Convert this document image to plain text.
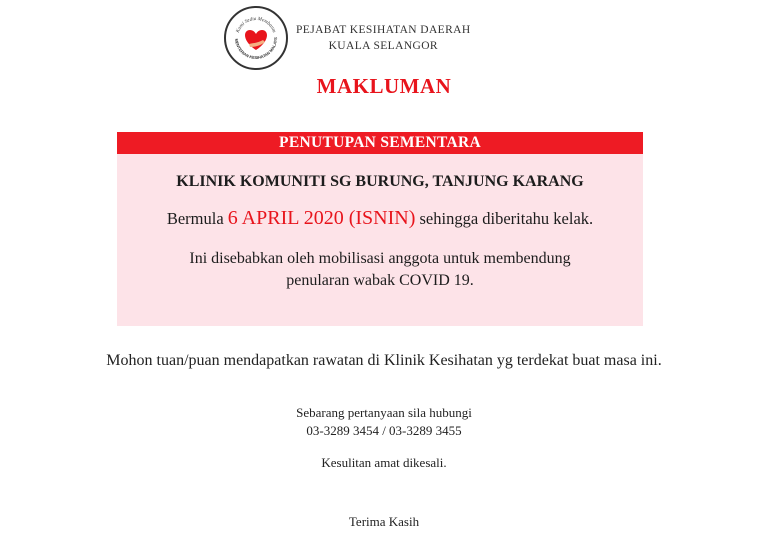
Kami Sedia Membantu
MENTERIAN KESIHATAN MALAYS
PEJABAT KESIHATAN DAERAH
KUALA SELANGOR
MAKLUMAN
PENUTUPAN SEMENTARA
KLINIK KOMUNITI SG BURUNG, TANJUNG KARANG
Bermula 6 APRIL 2020 (ISNIN) sehingga diberitahu kelak.
Ini disebabkan oleh mobilisasi anggota untuk membendung
penularan wabak COVID 19.
Mohon tuan/puan mendapatkan rawatan di Klinik Kesihatan yg terdekat buat masa ini.
Sebarang pertanyaan sila hubungi
03-3289 3454 / 03-3289 3455
Kesulitan amat dikesali.
Terima Kasih
